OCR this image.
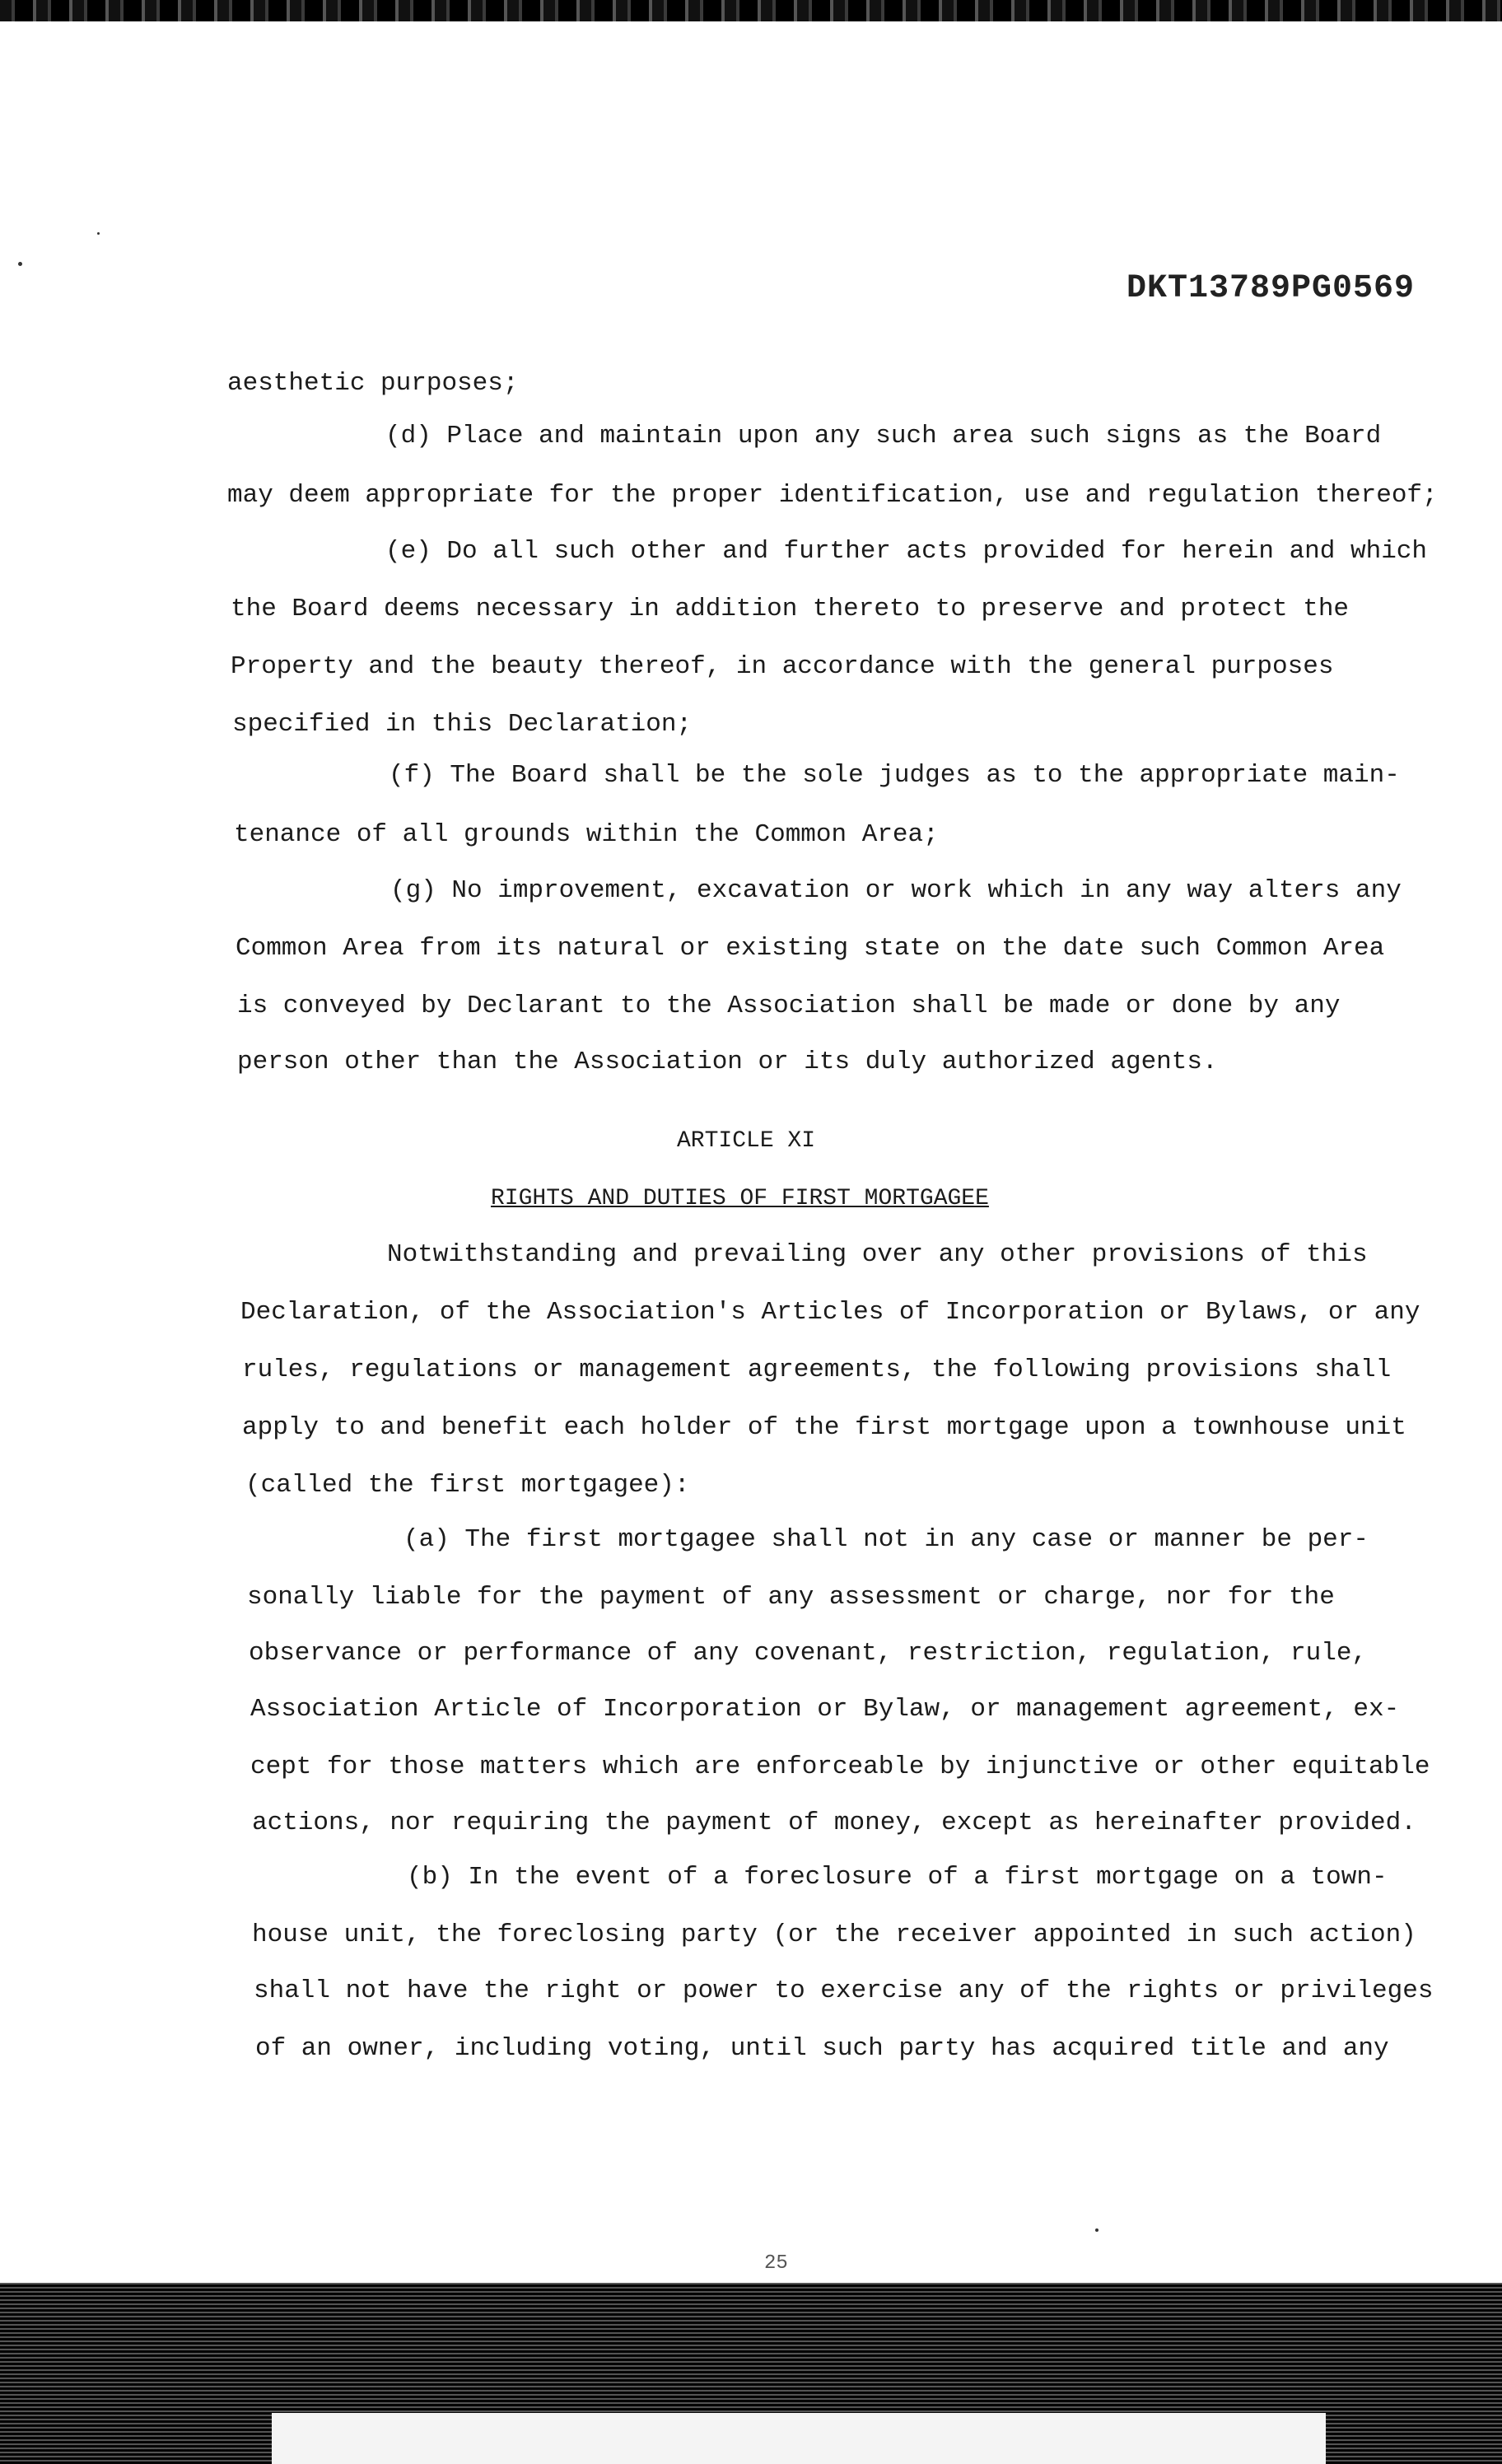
DKT13789PG0569
aesthetic purposes;
(d) Place and maintain upon any such area such signs as the Board
may deem appropriate for the proper identification, use and regulation thereof;
(e) Do all such other and further acts provided for herein and which
the Board deems necessary in addition thereto to preserve and protect the
Property and the beauty thereof, in accordance with the general purposes
specified in this Declaration;
(f) The Board shall be the sole judges as to the appropriate main-
tenance of all grounds within the Common Area;
(g) No improvement, excavation or work which in any way alters any
Common Area from its natural or existing state on the date such Common Area
is conveyed by Declarant to the Association shall be made or done by any
person other than the Association or its duly authorized agents.
ARTICLE XI
RIGHTS AND DUTIES OF FIRST MORTGAGEE
Notwithstanding and prevailing over any other provisions of this
Declaration, of the Association's Articles of Incorporation or Bylaws, or any
rules, regulations or management agreements, the following provisions shall
apply to and benefit each holder of the first mortgage upon a townhouse unit
(called the first mortgagee):
(a) The first mortgagee shall not in any case or manner be per-
sonally liable for the payment of any assessment or charge, nor for the
observance or performance of any covenant, restriction, regulation, rule,
Association Article of Incorporation or Bylaw, or management agreement, ex-
cept for those matters which are enforceable by injunctive or other equitable
actions, nor requiring the payment of money, except as hereinafter provided.
(b) In the event of a foreclosure of a first mortgage on a town-
house unit, the foreclosing party (or the receiver appointed in such action)
shall not have the right or power to exercise any of the rights or privileges
of an owner, including voting, until such party has acquired title and any
25
